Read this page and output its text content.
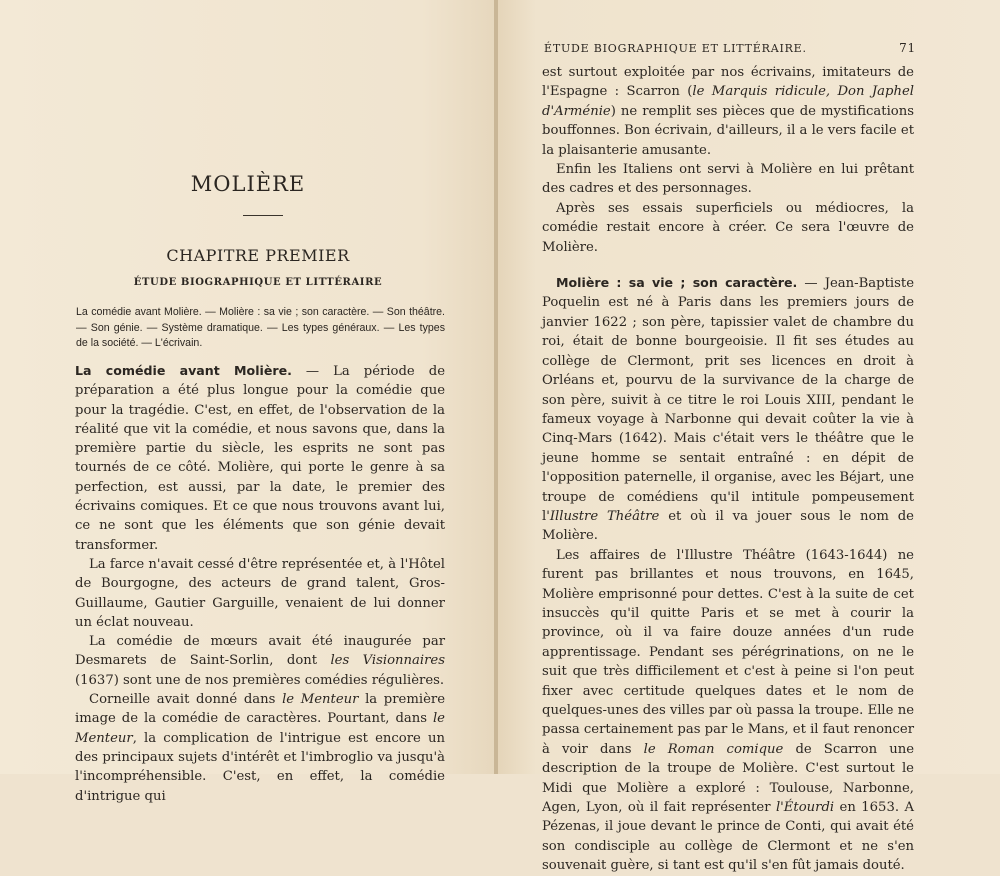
MOLIÈRE
CHAPITRE PREMIER
ÉTUDE BIOGRAPHIQUE ET LITTÉRAIRE
La comédie avant Molière. — Molière : sa vie ; son caractère. — Son théâtre. — Son génie. — Système dramatique. — Les types généraux. — Les types de la société. — L'écrivain.

La comédie avant Molière. — La période de préparation a été plus longue pour la comédie que pour la tragédie. C'est, en effet, de l'observation de la réalité que vit la comédie, et nous savons que, dans la première partie du siècle, les esprits ne sont pas tournés de ce côté. Molière, qui porte le genre à sa perfection, est aussi, par la date, le premier des écrivains comiques. Et ce que nous trouvons avant lui, ce ne sont que les éléments que son génie devait transformer.

La farce n'avait cessé d'être représentée et, à l'Hôtel de Bourgogne, des acteurs de grand talent, Gros-Guillaume, Gautier Garguille, venaient de lui donner un éclat nouveau.

La comédie de mœurs avait été inaugurée par Desmarets de Saint-Sorlin, dont les Visionnaires (1637) sont une de nos premières comédies régulières.

Corneille avait donné dans le Menteur la première image de la comédie de caractères. Pourtant, dans le Menteur, la complication de l'intrigue est encore un des principaux sujets d'intérêt et l'imbroglio va jusqu'à l'incompréhensible. C'est, en effet, la comédie d'intrigue qui

ÉTUDE BIOGRAPHIQUE ET LITTÉRAIRE.	71

est surtout exploitée par nos écrivains, imitateurs de l'Espagne : Scarron (le Marquis ridicule, Don Japhel d'Arménie) ne remplit ses pièces que de mystifications bouffonnes. Bon écrivain, d'ailleurs, il a le vers facile et la plaisanterie amusante.

Enfin les Italiens ont servi à Molière en lui prêtant des cadres et des personnages.

Après ses essais superficiels ou médiocres, la comédie restait encore à créer. Ce sera l'œuvre de Molière.

Molière : sa vie ; son caractère. — Jean-Baptiste Poquelin est né à Paris dans les premiers jours de janvier 1622 ; son père, tapissier valet de chambre du roi, était de bonne bourgeoisie. Il fit ses études au collège de Clermont, prit ses licences en droit à Orléans et, pourvu de la survivance de la charge de son père, suivit à ce titre le roi Louis XIII, pendant le fameux voyage à Narbonne qui devait coûter la vie à Cinq-Mars (1642). Mais c'était vers le théâtre que le jeune homme se sentait entraîné : en dépit de l'opposition paternelle, il organise, avec les Béjart, une troupe de comédiens qu'il intitule pompeusement l'Illustre Théâtre et où il va jouer sous le nom de Molière.

Les affaires de l'Illustre Théâtre (1643-1644) ne furent pas brillantes et nous trouvons, en 1645, Molière emprisonné pour dettes. C'est à la suite de cet insuccès qu'il quitte Paris et se met à courir la province, où il va faire douze années d'un rude apprentissage. Pendant ses pérégrinations, on ne le suit que très difficilement et c'est à peine si l'on peut fixer avec certitude quelques dates et le nom de quelques-unes des villes par où passa la troupe. Elle ne passa certainement pas par le Mans, et il faut renoncer à voir dans le Roman comique de Scarron une description de la troupe de Molière. C'est surtout le Midi que Molière a exploré : Toulouse, Narbonne, Agen, Lyon, où il fait représenter l'Étourdi en 1653. A Pézenas, il joue devant le prince de Conti, qui avait été son condisciple au collège de Clermont et ne s'en souvenait guère, si tant est qu'il s'en fût jamais douté.
